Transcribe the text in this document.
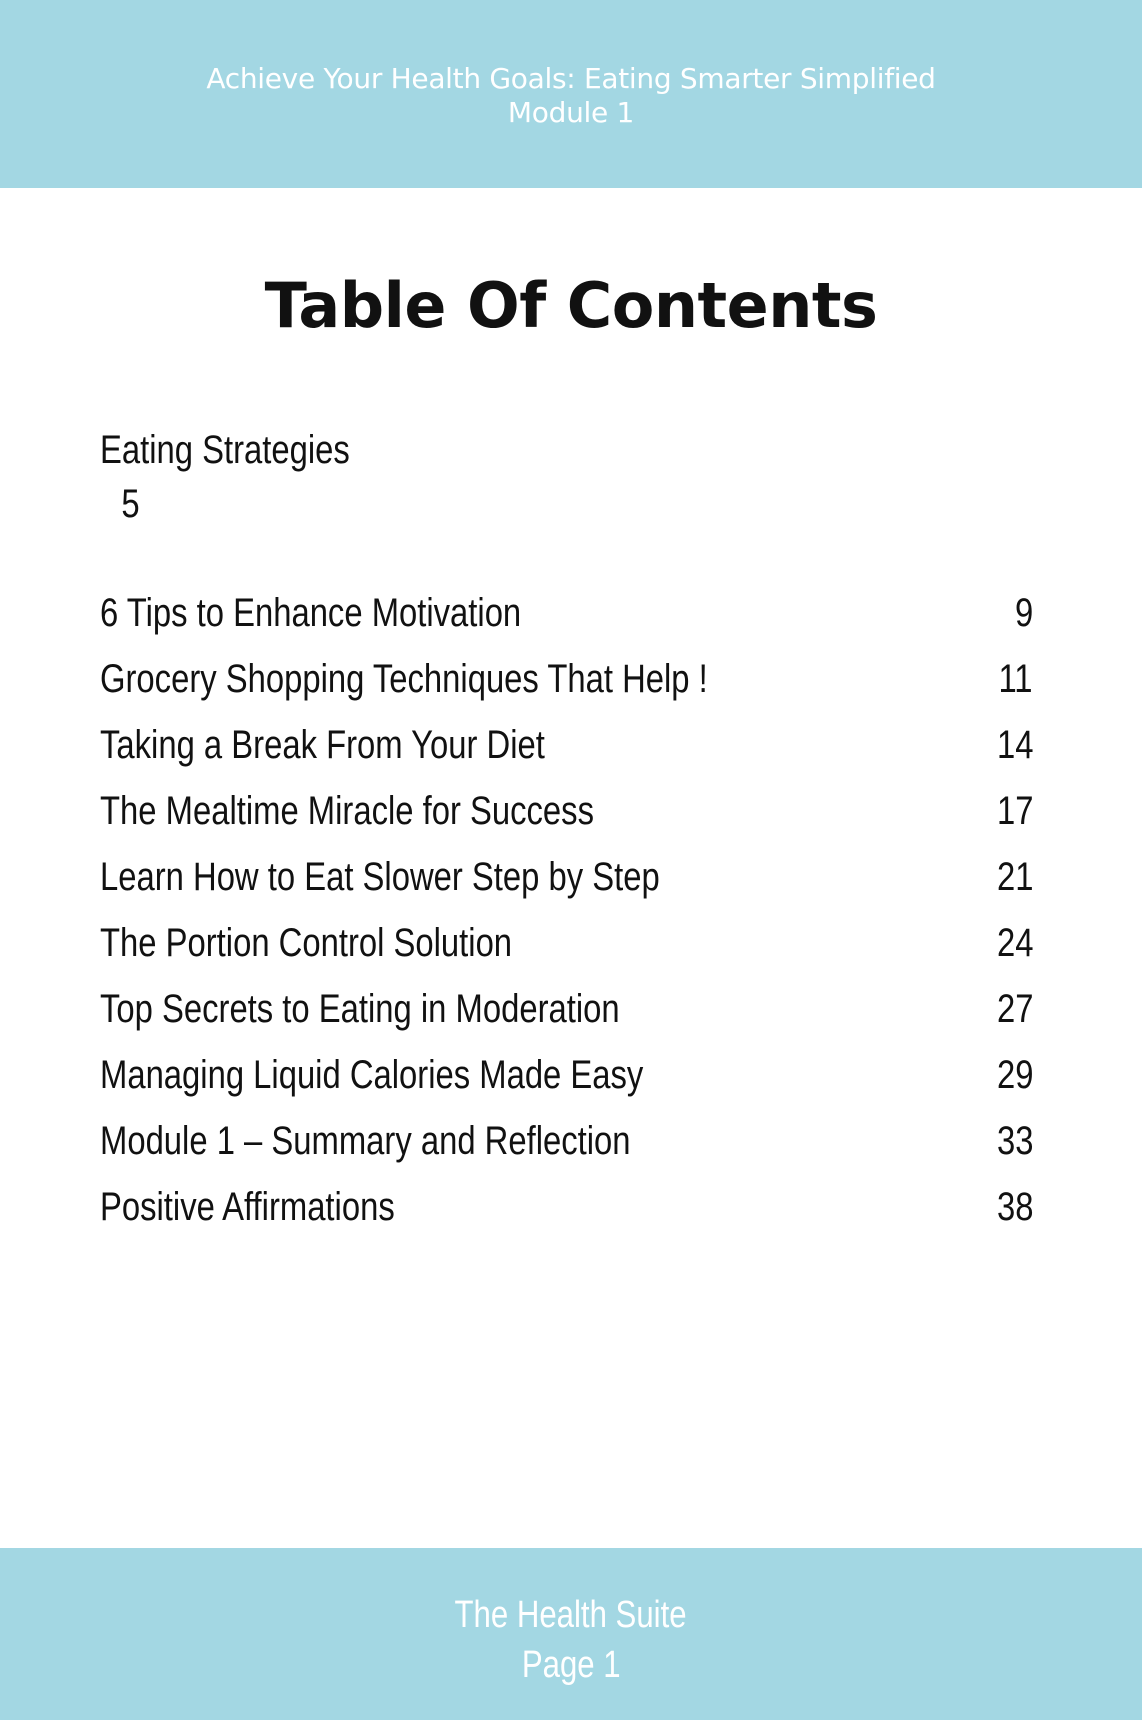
Achieve Your Health Goals: Eating Smarter Simplified
Module 1
Table Of Contents
Eating Strategies
5
6 Tips to Enhance Motivation	9
Grocery Shopping Techniques That Help !	11
Taking a Break From Your Diet	14
The Mealtime Miracle for Success	17
Learn How to Eat Slower Step by Step	21
The Portion Control Solution	24
Top Secrets to Eating in Moderation	27
Managing Liquid Calories Made Easy	29
Module 1 – Summary and Reflection	33
Positive Affirmations	38
The Health Suite
Page 1
